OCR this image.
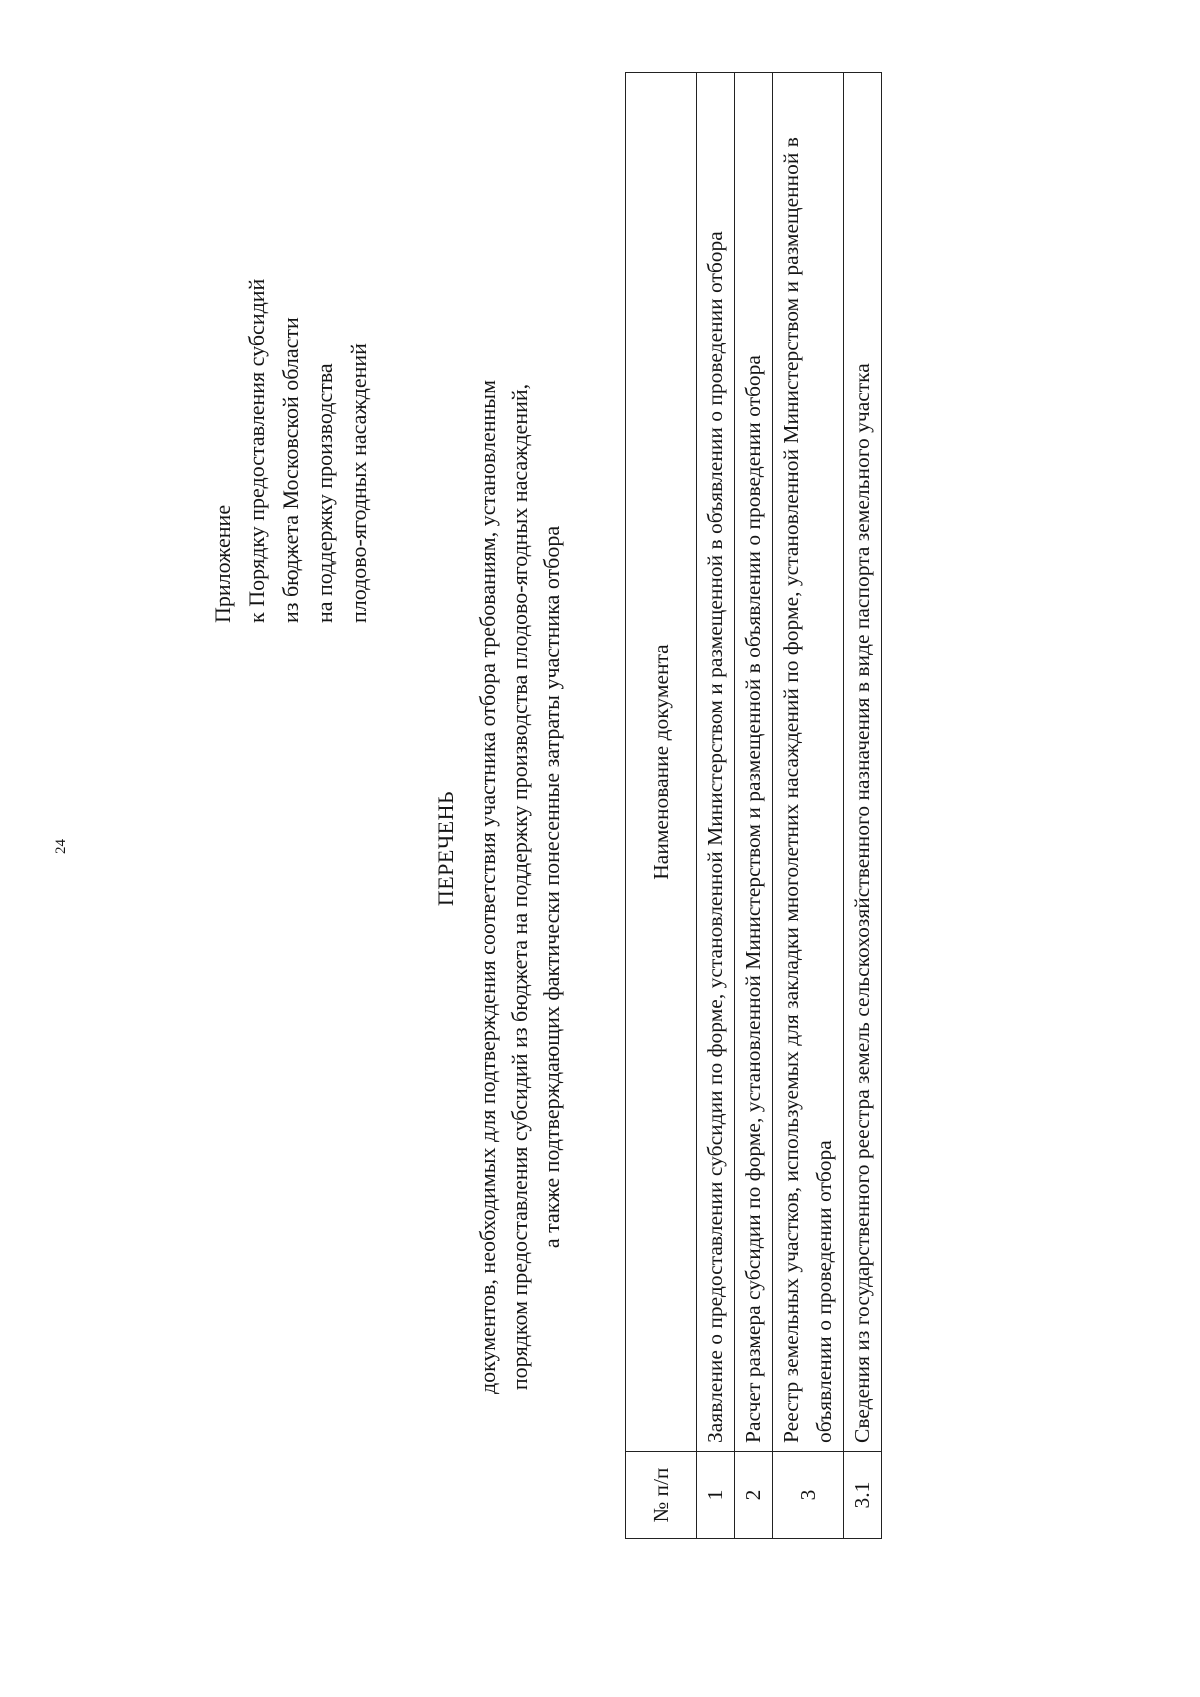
24
Приложение к Порядку предоставления субсидий из бюджета Московской области на поддержку производства плодово-ягодных насаждений
ПЕРЕЧЕНЬ документов, необходимых для подтверждения соответствия участника отбора требованиям, установленным порядком предоставления субсидий из бюджета на поддержку производства плодово-ягодных насаждений, а также подтверждающих фактически понесенные затраты участника отбора
№ п/п	Наименование документа
1	Заявление о предоставлении субсидии по форме, установленной Министерством и размещенной в объявлении о проведении отбора
2	Расчет размера субсидии по форме, установленной Министерством и размещенной в объявлении о проведении отбора
3	Реестр земельных участков, используемых для закладки многолетних насаждений по форме, установленной Министерством и размещенной в объявлении о проведении отбора
3.1	Сведения из государственного реестра земель сельскохозяйственного назначения в виде паспорта земельного участка
